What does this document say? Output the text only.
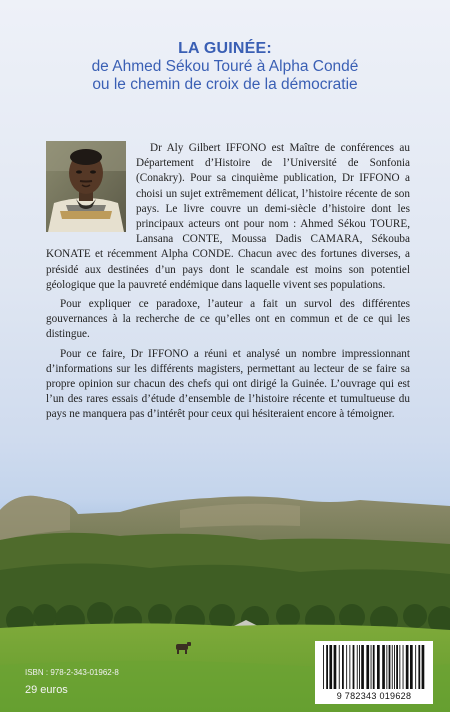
LA GUINÉE:
de Ahmed Sékou Touré à Alpha Condé
ou le chemin de croix de la démocratie

Dr Aly Gilbert IFFONO est Maître de conférences au Département d’Histoire de l’Université de Sonfonia (Conakry). Pour sa cinquième publication, Dr IFFONO a choisi un sujet extrêmement délicat, l’histoire récente de son pays. Le livre couvre un demi-siècle d’histoire dont les principaux acteurs ont pour nom : Ahmed Sékou TOURE, Lansana CONTE, Moussa Dadis CAMARA, Sékouba KONATE et récemment Alpha CONDE. Chacun avec des fortunes diverses, a présidé aux destinées d’un pays dont le scandale est moins son potentiel géologique que la pauvreté endémique dans laquelle vivent ses populations.

Pour expliquer ce paradoxe, l’auteur a fait un survol des différentes gouvernances à la recherche de ce qu’elles ont en commun et de ce qui les distingue.

Pour ce faire, Dr IFFONO a réuni et analysé un nombre impressionnant d’informations sur les différents magisters, permettant au lecteur de se faire sa propre opinion sur chacun des chefs qui ont dirigé la Guinée. L’ouvrage qui est l’un des rares essais d’étude d’ensemble de l’histoire récente et tumultueuse du pays ne manquera pas d’intérêt pour ceux qui hésiteraient encore à témoigner.

ISBN : 978-2-343-01962-8
29 euros	9 782343 019628
